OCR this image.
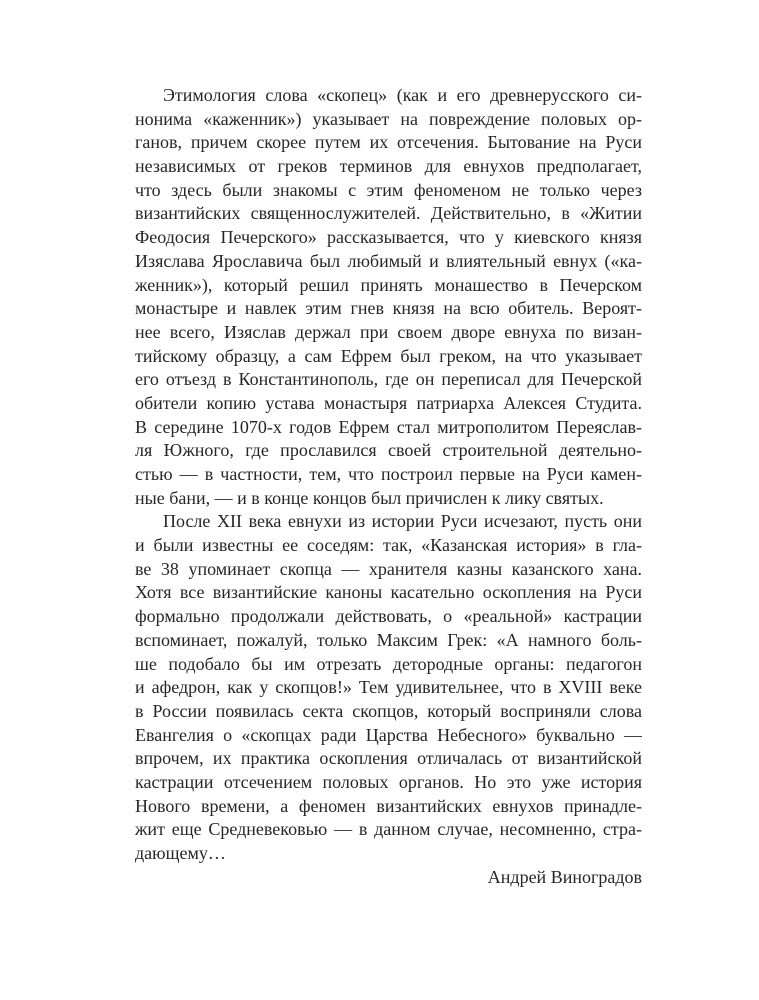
Этимология слова «скопец» (как и его древнерусского си-
нонима «каженник») указывает на повреждение половых ор-
ганов, причем скорее путем их отсечения. Бытование на Руси
независимых от греков терминов для евнухов предполагает,
что здесь были знакомы с этим феноменом не только через
византийских священнослужителей. Действительно, в «Житии
Феодосия Печерского» рассказывается, что у киевского князя
Изяслава Ярославича был любимый и влиятельный евнух («ка-
женник»), который решил принять монашество в Печерском
монастыре и навлек этим гнев князя на всю обитель. Вероят-
нее всего, Изяслав держал при своем дворе евнуха по визан-
тийскому образцу, а сам Ефрем был греком, на что указывает
его отъезд в Константинополь, где он переписал для Печерской
обители копию устава монастыря патриарха Алексея Студита.
В середине 1070-х годов Ефрем стал митрополитом Переяслав-
ля Южного, где прославился своей строительной деятельно-
стью — в частности, тем, что построил первые на Руси камен-
ные бани, — и в конце концов был причислен к лику святых.
После XII века евнухи из истории Руси исчезают, пусть они
и были известны ее соседям: так, «Казанская история» в гла-
ве 38 упоминает скопца — хранителя казны казанского хана.
Хотя все византийские каноны касательно оскопления на Руси
формально продолжали действовать, о «реальной» кастрации
вспоминает, пожалуй, только Максим Грек: «А намного боль-
ше подобало бы им отрезать детородные органы: педагогон
и афедрон, как у скопцов!» Тем удивительнее, что в XVIII веке
в России появилась секта скопцов, который восприняли слова
Евангелия о «скопцах ради Царства Небесного» буквально —
впрочем, их практика оскопления отличалась от византийской
кастрации отсечением половых органов. Но это уже история
Нового времени, а феномен византийских евнухов принадле-
жит еще Средневековью — в данном случае, несомненно, стра-
дающему…
Андрей Виноградов
